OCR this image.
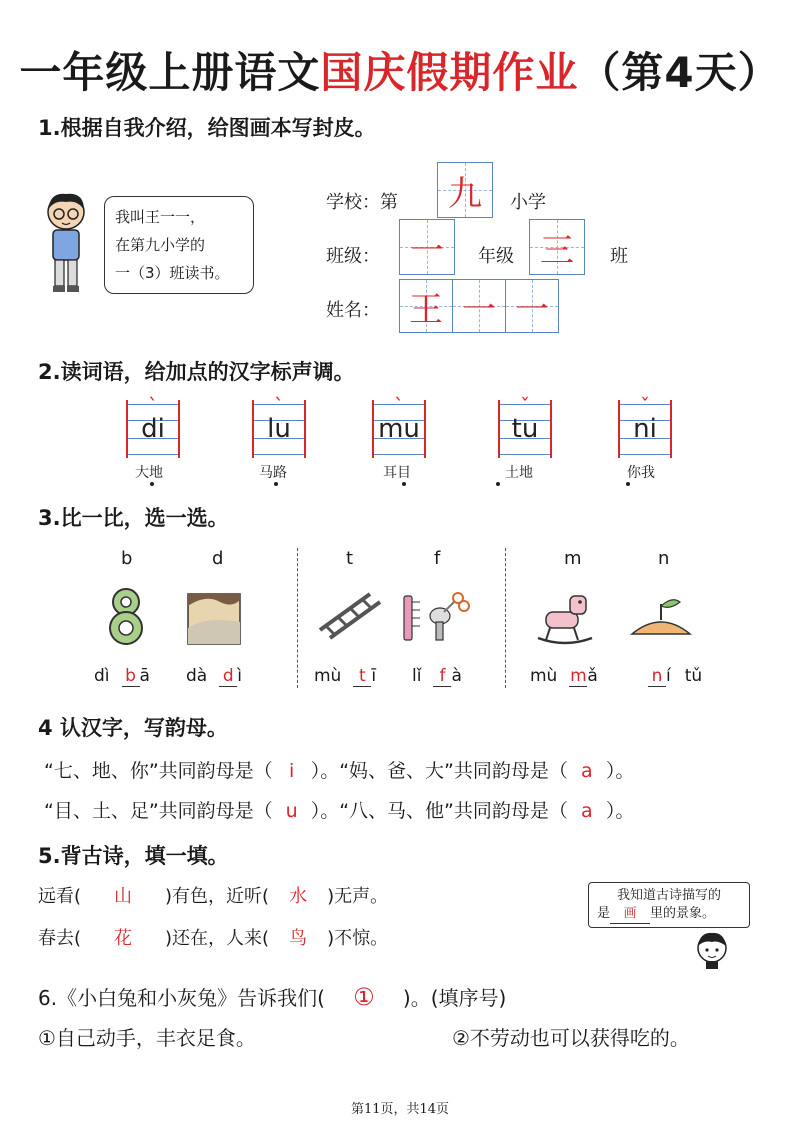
一年级上册语文国庆假期作业（第4天）
1.根据自我介绍，给图画本写封皮。
我叫王一一，
在第九小学的
一（3）班读书。
学校：第 九	小学
班级： 一	年级 三	班
姓名： 王 一 一
2.读词语，给加点的汉字标声调。
ˋ
di
大地
ˋ
lu
马路
ˋ
mu
耳目
ˇ
tu
土地
ˇ
ni
你我
3.比一比，选一选。
b	d	t	f	m	n
dì b ā dà d ì	mù t ī lǐ f à	mù mǎ	n í tǔ
4 认汉字，写韵母。
“七、地、你”共同韵母是（ i ）。“妈、爸、大”共同韵母是（ a ）。
“目、土、足”共同韵母是（ u ）。“八、马、他”共同韵母是（ a ）。
5.背古诗，填一填。
远看( 山 )有色，近听( 水 )无声。
春去( 花 )还在，人来( 鸟 )不惊。
我知道古诗描写的
是 画 里的景象。
6.《小白兔和小灰兔》告诉我们( ① )。(填序号)
①自己动手，丰衣足食。	②不劳动也可以获得吃的。
第11页，共14页
